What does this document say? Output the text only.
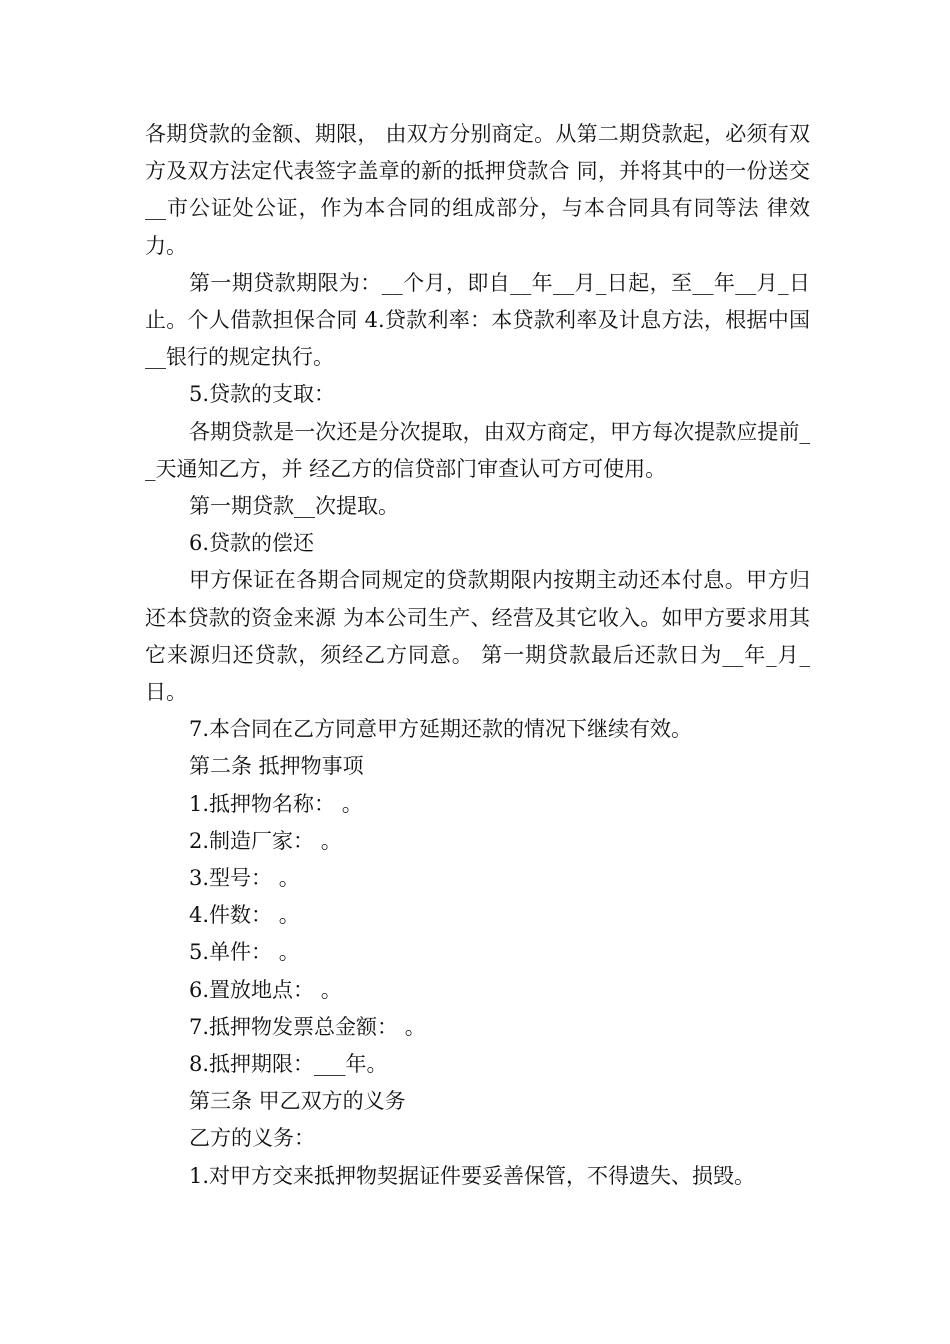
各期贷款的金额、期限， 由双方分别商定。从第二期贷款起，必须有双方及双方法定代表签字盖章的新的抵押贷款合 同，并将其中的一份送交__市公证处公证，作为本合同的组成部分，与本合同具有同等法 律效力。

第一期贷款期限为：__个月，即自__年__月_日起，至__年__月_日止。个人借款担保合同 4.贷款利率：本贷款利率及计息方法，根据中国__银行的规定执行。

5.贷款的支取：

各期贷款是一次还是分次提取，由双方商定，甲方每次提款应提前__天通知乙方，并 经乙方的信贷部门审查认可方可使用。

第一期贷款__次提取。

6.贷款的偿还

甲方保证在各期合同规定的贷款期限内按期主动还本付息。甲方归还本贷款的资金来源 为本公司生产、经营及其它收入。如甲方要求用其它来源归还贷款，须经乙方同意。 第一期贷款最后还款日为__年_月_日。

7.本合同在乙方同意甲方延期还款的情况下继续有效。

第二条 抵押物事项

1.抵押物名称： 。

2.制造厂家： 。

3.型号： 。

4.件数： 。

5.单件： 。

6.置放地点： 。

7.抵押物发票总金额： 。

8.抵押期限：___年。

第三条 甲乙双方的义务

乙方的义务：

1.对甲方交来抵押物契据证件要妥善保管，不得遗失、损毁。
